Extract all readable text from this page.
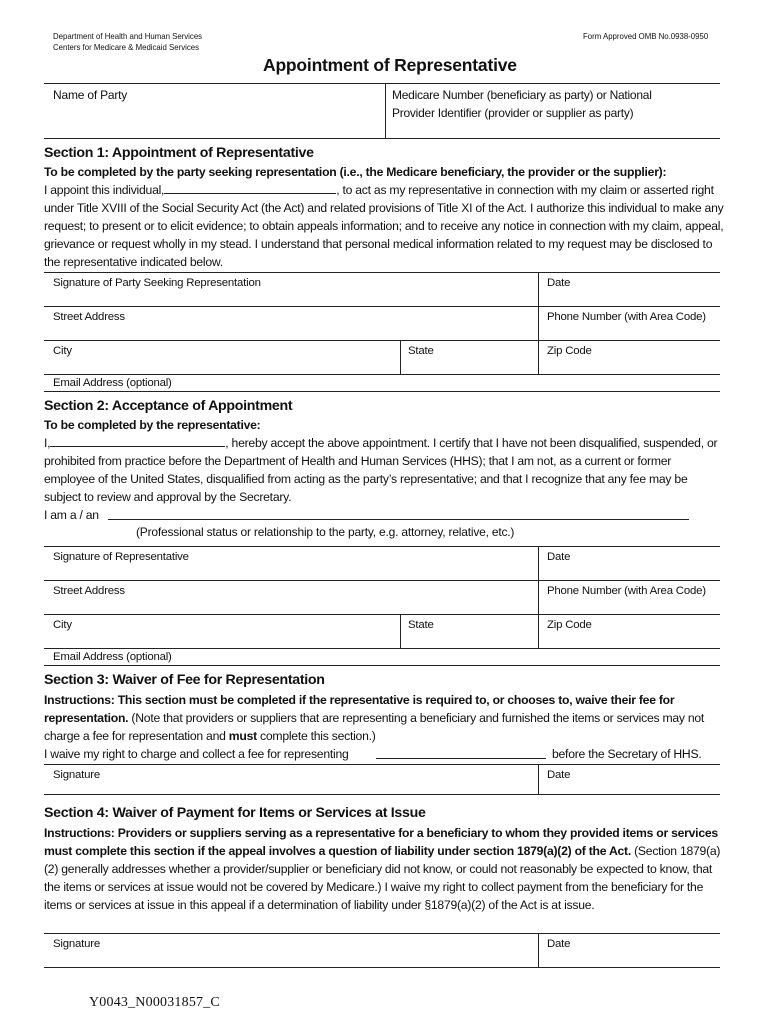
Department of Health and Human Services
Centers for Medicare & Medicaid Services
Form Approved OMB No.0938-0950
Appointment of Representative
Name of Party	Medicare Number (beneficiary as party) or National Provider Identifier (provider or supplier as party)
Section 1: Appointment of Representative
To be completed by the party seeking representation (i.e., the Medicare beneficiary, the provider or the supplier):
I appoint this individual,	, to act as my representative in connection with my claim or asserted right under Title XVIII of the Social Security Act (the Act) and related provisions of Title XI of the Act. I authorize this individual to make any request; to present or to elicit evidence; to obtain appeals information; and to receive any notice in connection with my claim, appeal, grievance or request wholly in my stead. I understand that personal medical information related to my request may be disclosed to the representative indicated below.
Signature of Party Seeking Representation	Date
Street Address	Phone Number (with Area Code)
City	State	Zip Code
Email Address (optional)
Section 2: Acceptance of Appointment
To be completed by the representative:
I,	, hereby accept the above appointment. I certify that I have not been disqualified, suspended, or prohibited from practice before the Department of Health and Human Services (HHS); that I am not, as a current or former employee of the United States, disqualified from acting as the party’s representative; and that I recognize that any fee may be subject to review and approval by the Secretary.
I am a / an
(Professional status or relationship to the party, e.g. attorney, relative, etc.)
Signature of Representative	Date
Street Address	Phone Number (with Area Code)
City	State	Zip Code
Email Address (optional)
Section 3: Waiver of Fee for Representation
Instructions: This section must be completed if the representative is required to, or chooses to, waive their fee for representation. (Note that providers or suppliers that are representing a beneficiary and furnished the items or services may not charge a fee for representation and must complete this section.)
I waive my right to charge and collect a fee for representing	before the Secretary of HHS.
Signature	Date
Section 4: Waiver of Payment for Items or Services at Issue
Instructions: Providers or suppliers serving as a representative for a beneficiary to whom they provided items or services must complete this section if the appeal involves a question of liability under section 1879(a)(2) of the Act. (Section 1879(a)(2) generally addresses whether a provider/supplier or beneficiary did not know, or could not reasonably be expected to know, that the items or services at issue would not be covered by Medicare.) I waive my right to collect payment from the beneficiary for the items or services at issue in this appeal if a determination of liability under §1879(a)(2) of the Act is at issue.
Signature	Date
Y0043_N00031857_C
